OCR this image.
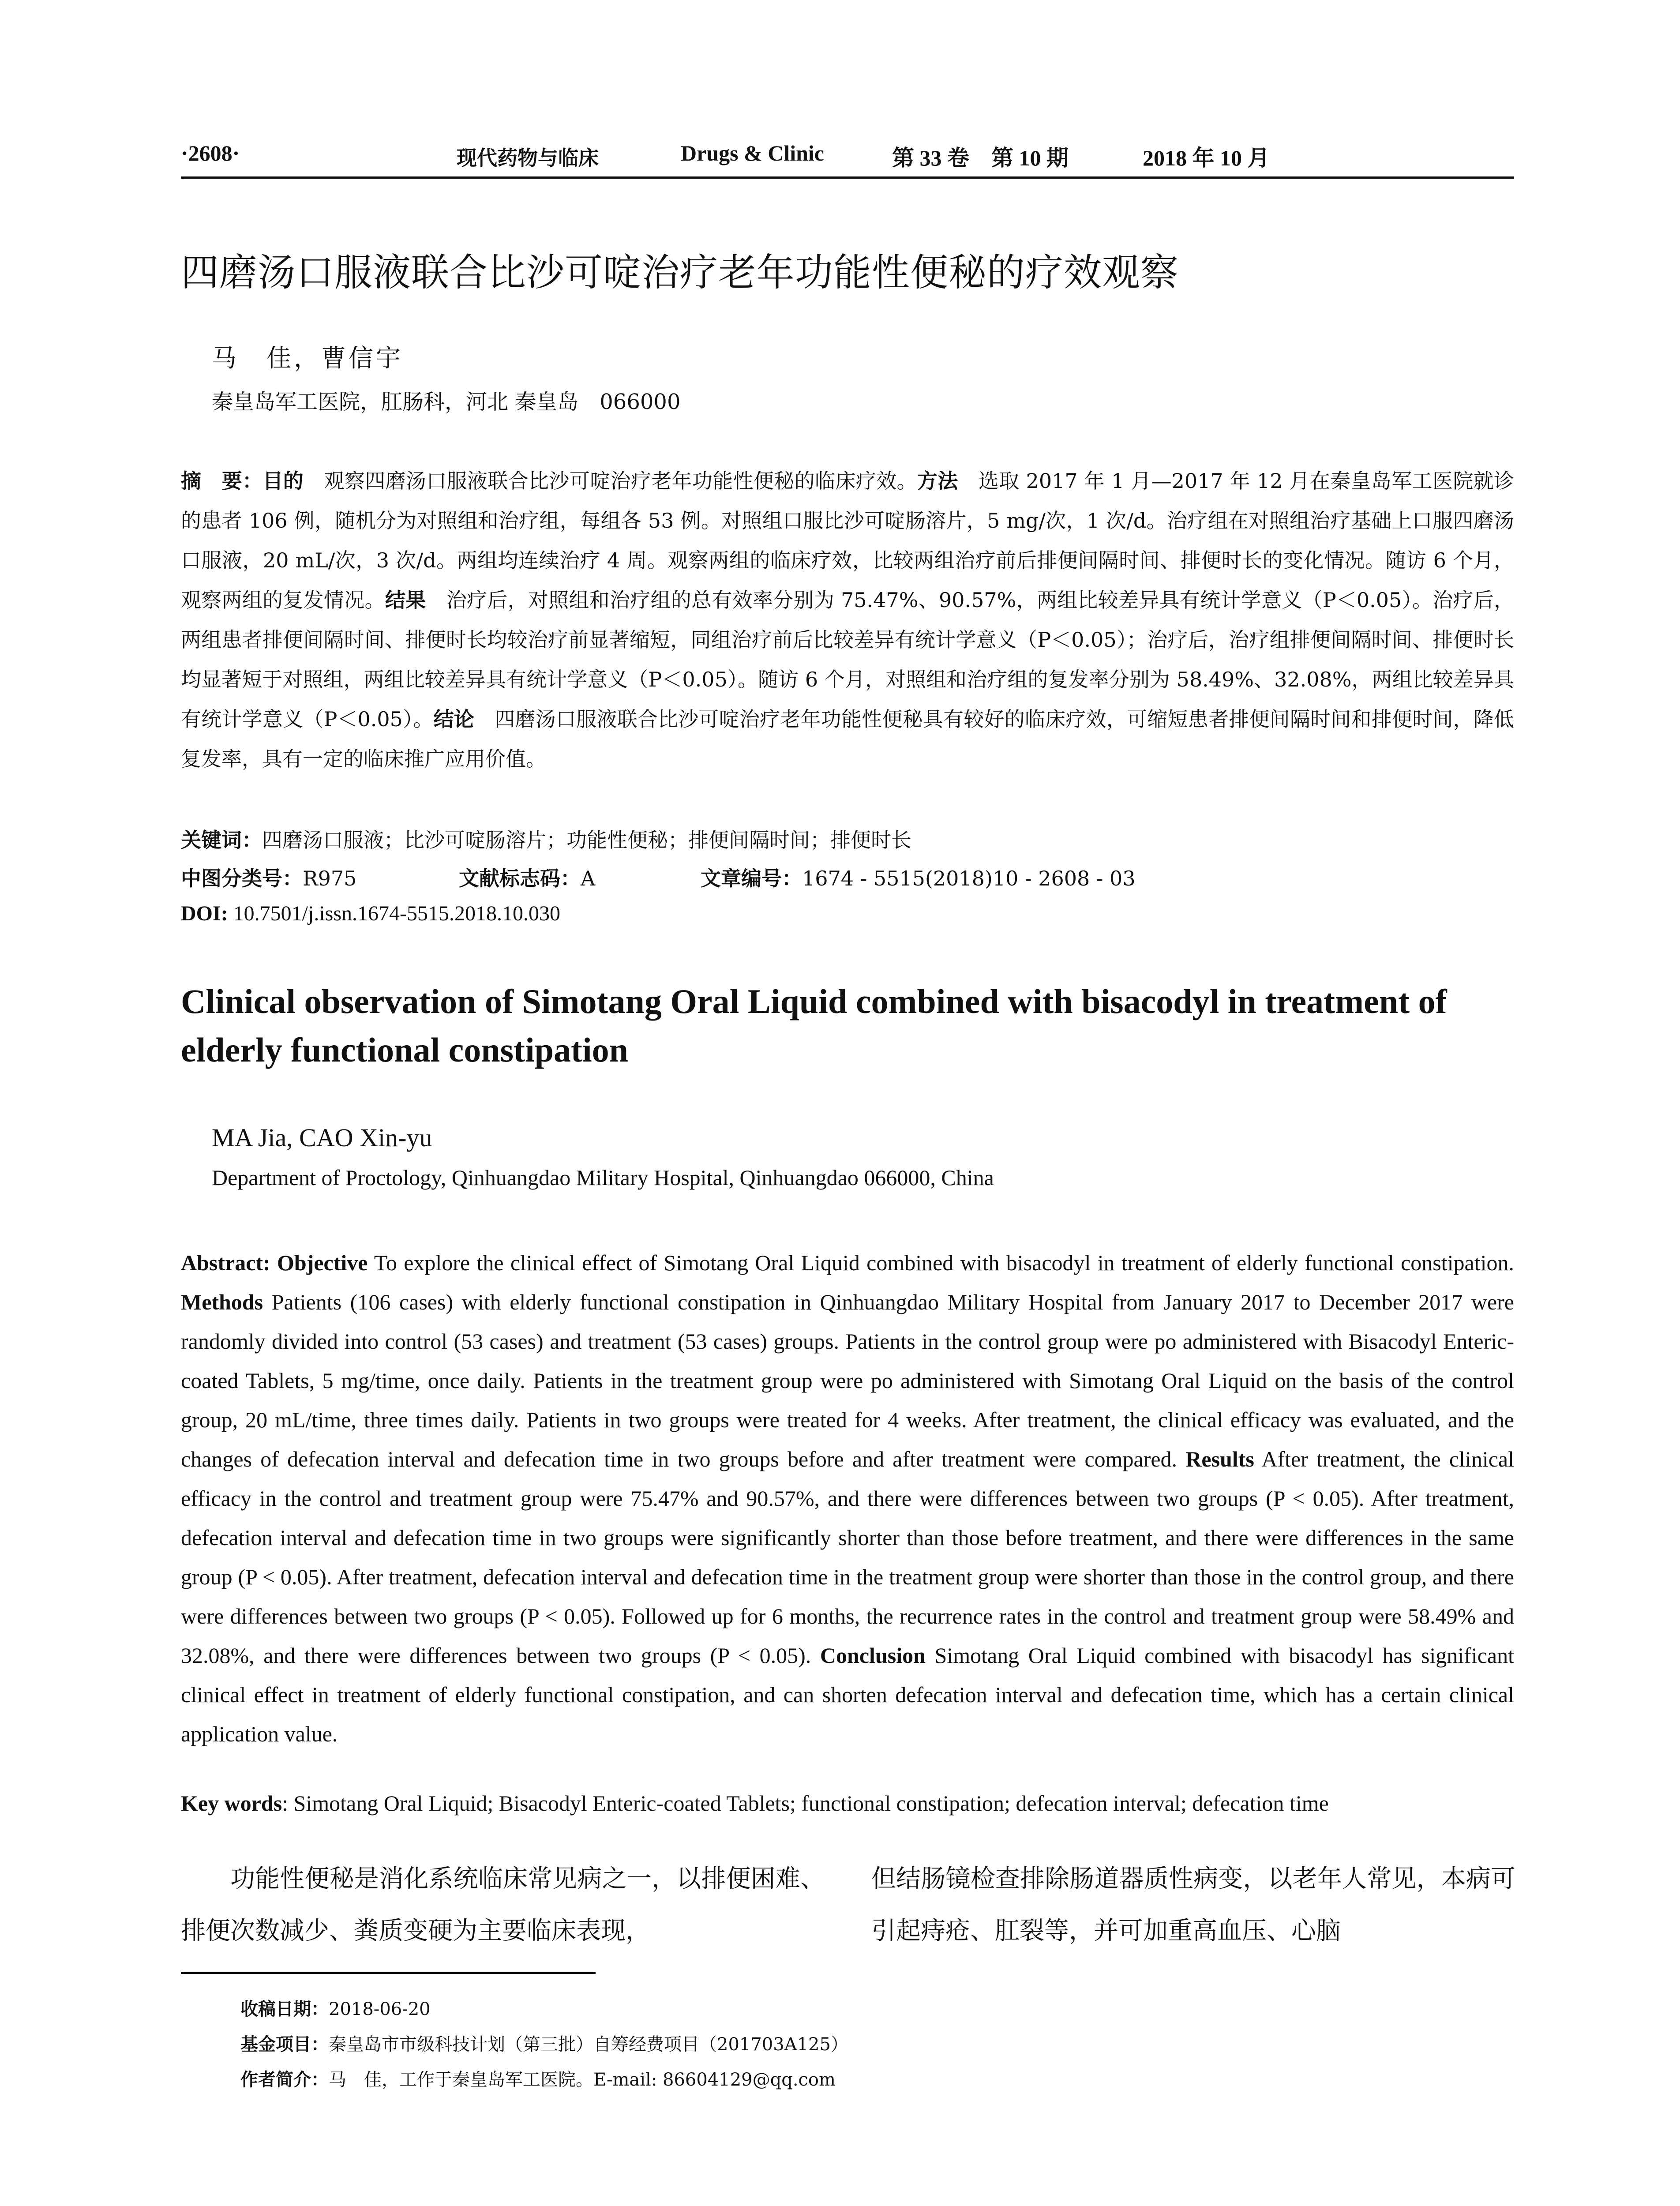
·2608·	现代药物与临床	Drugs & Clinic	第 33 卷　第 10 期	2018 年 10 月
四磨汤口服液联合比沙可啶治疗老年功能性便秘的疗效观察
马　佳，曹信宇
秦皇岛军工医院，肛肠科，河北 秦皇岛　066000
摘　要：目的　观察四磨汤口服液联合比沙可啶治疗老年功能性便秘的临床疗效。方法　选取 2017 年 1 月—2017 年 12 月在秦皇岛军工医院就诊的患者 106 例，随机分为对照组和治疗组，每组各 53 例。对照组口服比沙可啶肠溶片，5 mg/次，1 次/d。治疗组在对照组治疗基础上口服四磨汤口服液，20 mL/次，3 次/d。两组均连续治疗 4 周。观察两组的临床疗效，比较两组治疗前后排便间隔时间、排便时长的变化情况。随访 6 个月，观察两组的复发情况。结果　治疗后，对照组和治疗组的总有效率分别为 75.47%、90.57%，两组比较差异具有统计学意义（P＜0.05）。治疗后，两组患者排便间隔时间、排便时长均较治疗前显著缩短，同组治疗前后比较差异有统计学意义（P＜0.05）；治疗后，治疗组排便间隔时间、排便时长均显著短于对照组，两组比较差异具有统计学意义（P＜0.05）。随访 6 个月，对照组和治疗组的复发率分别为 58.49%、32.08%，两组比较差异具有统计学意义（P＜0.05）。结论　四磨汤口服液联合比沙可啶治疗老年功能性便秘具有较好的临床疗效，可缩短患者排便间隔时间和排便时间，降低复发率，具有一定的临床推广应用价值。
关键词：四磨汤口服液；比沙可啶肠溶片；功能性便秘；排便间隔时间；排便时长
中图分类号：R975	文献标志码：A	文章编号：1674 - 5515(2018)10 - 2608 - 03
DOI: 10.7501/j.issn.1674-5515.2018.10.030
Clinical observation of Simotang Oral Liquid combined with bisacodyl in treatment of elderly functional constipation
MA Jia, CAO Xin-yu
Department of Proctology, Qinhuangdao Military Hospital, Qinhuangdao 066000, China
Abstract: Objective To explore the clinical effect of Simotang Oral Liquid combined with bisacodyl in treatment of elderly functional constipation. Methods Patients (106 cases) with elderly functional constipation in Qinhuangdao Military Hospital from January 2017 to December 2017 were randomly divided into control (53 cases) and treatment (53 cases) groups. Patients in the control group were po administered with Bisacodyl Enteric-coated Tablets, 5 mg/time, once daily. Patients in the treatment group were po administered with Simotang Oral Liquid on the basis of the control group, 20 mL/time, three times daily. Patients in two groups were treated for 4 weeks. After treatment, the clinical efficacy was evaluated, and the changes of defecation interval and defecation time in two groups before and after treatment were compared. Results After treatment, the clinical efficacy in the control and treatment group were 75.47% and 90.57%, and there were differences between two groups (P < 0.05). After treatment, defecation interval and defecation time in two groups were significantly shorter than those before treatment, and there were differences in the same group (P < 0.05). After treatment, defecation interval and defecation time in the treatment group were shorter than those in the control group, and there were differences between two groups (P < 0.05). Followed up for 6 months, the recurrence rates in the control and treatment group were 58.49% and 32.08%, and there were differences between two groups (P < 0.05). Conclusion Simotang Oral Liquid combined with bisacodyl has significant clinical effect in treatment of elderly functional constipation, and can shorten defecation interval and defecation time, which has a certain clinical application value.
Key words: Simotang Oral Liquid; Bisacodyl Enteric-coated Tablets; functional constipation; defecation interval; defecation time
功能性便秘是消化系统临床常见病之一，以排便困难、排便次数减少、粪质变硬为主要临床表现，
但结肠镜检查排除肠道器质性病变，以老年人常见，本病可引起痔疮、肛裂等，并可加重高血压、心脑
收稿日期：2018-06-20
基金项目：秦皇岛市市级科技计划（第三批）自筹经费项目（201703A125）
作者简介：马　佳，工作于秦皇岛军工医院。E-mail: 86604129@qq.com
